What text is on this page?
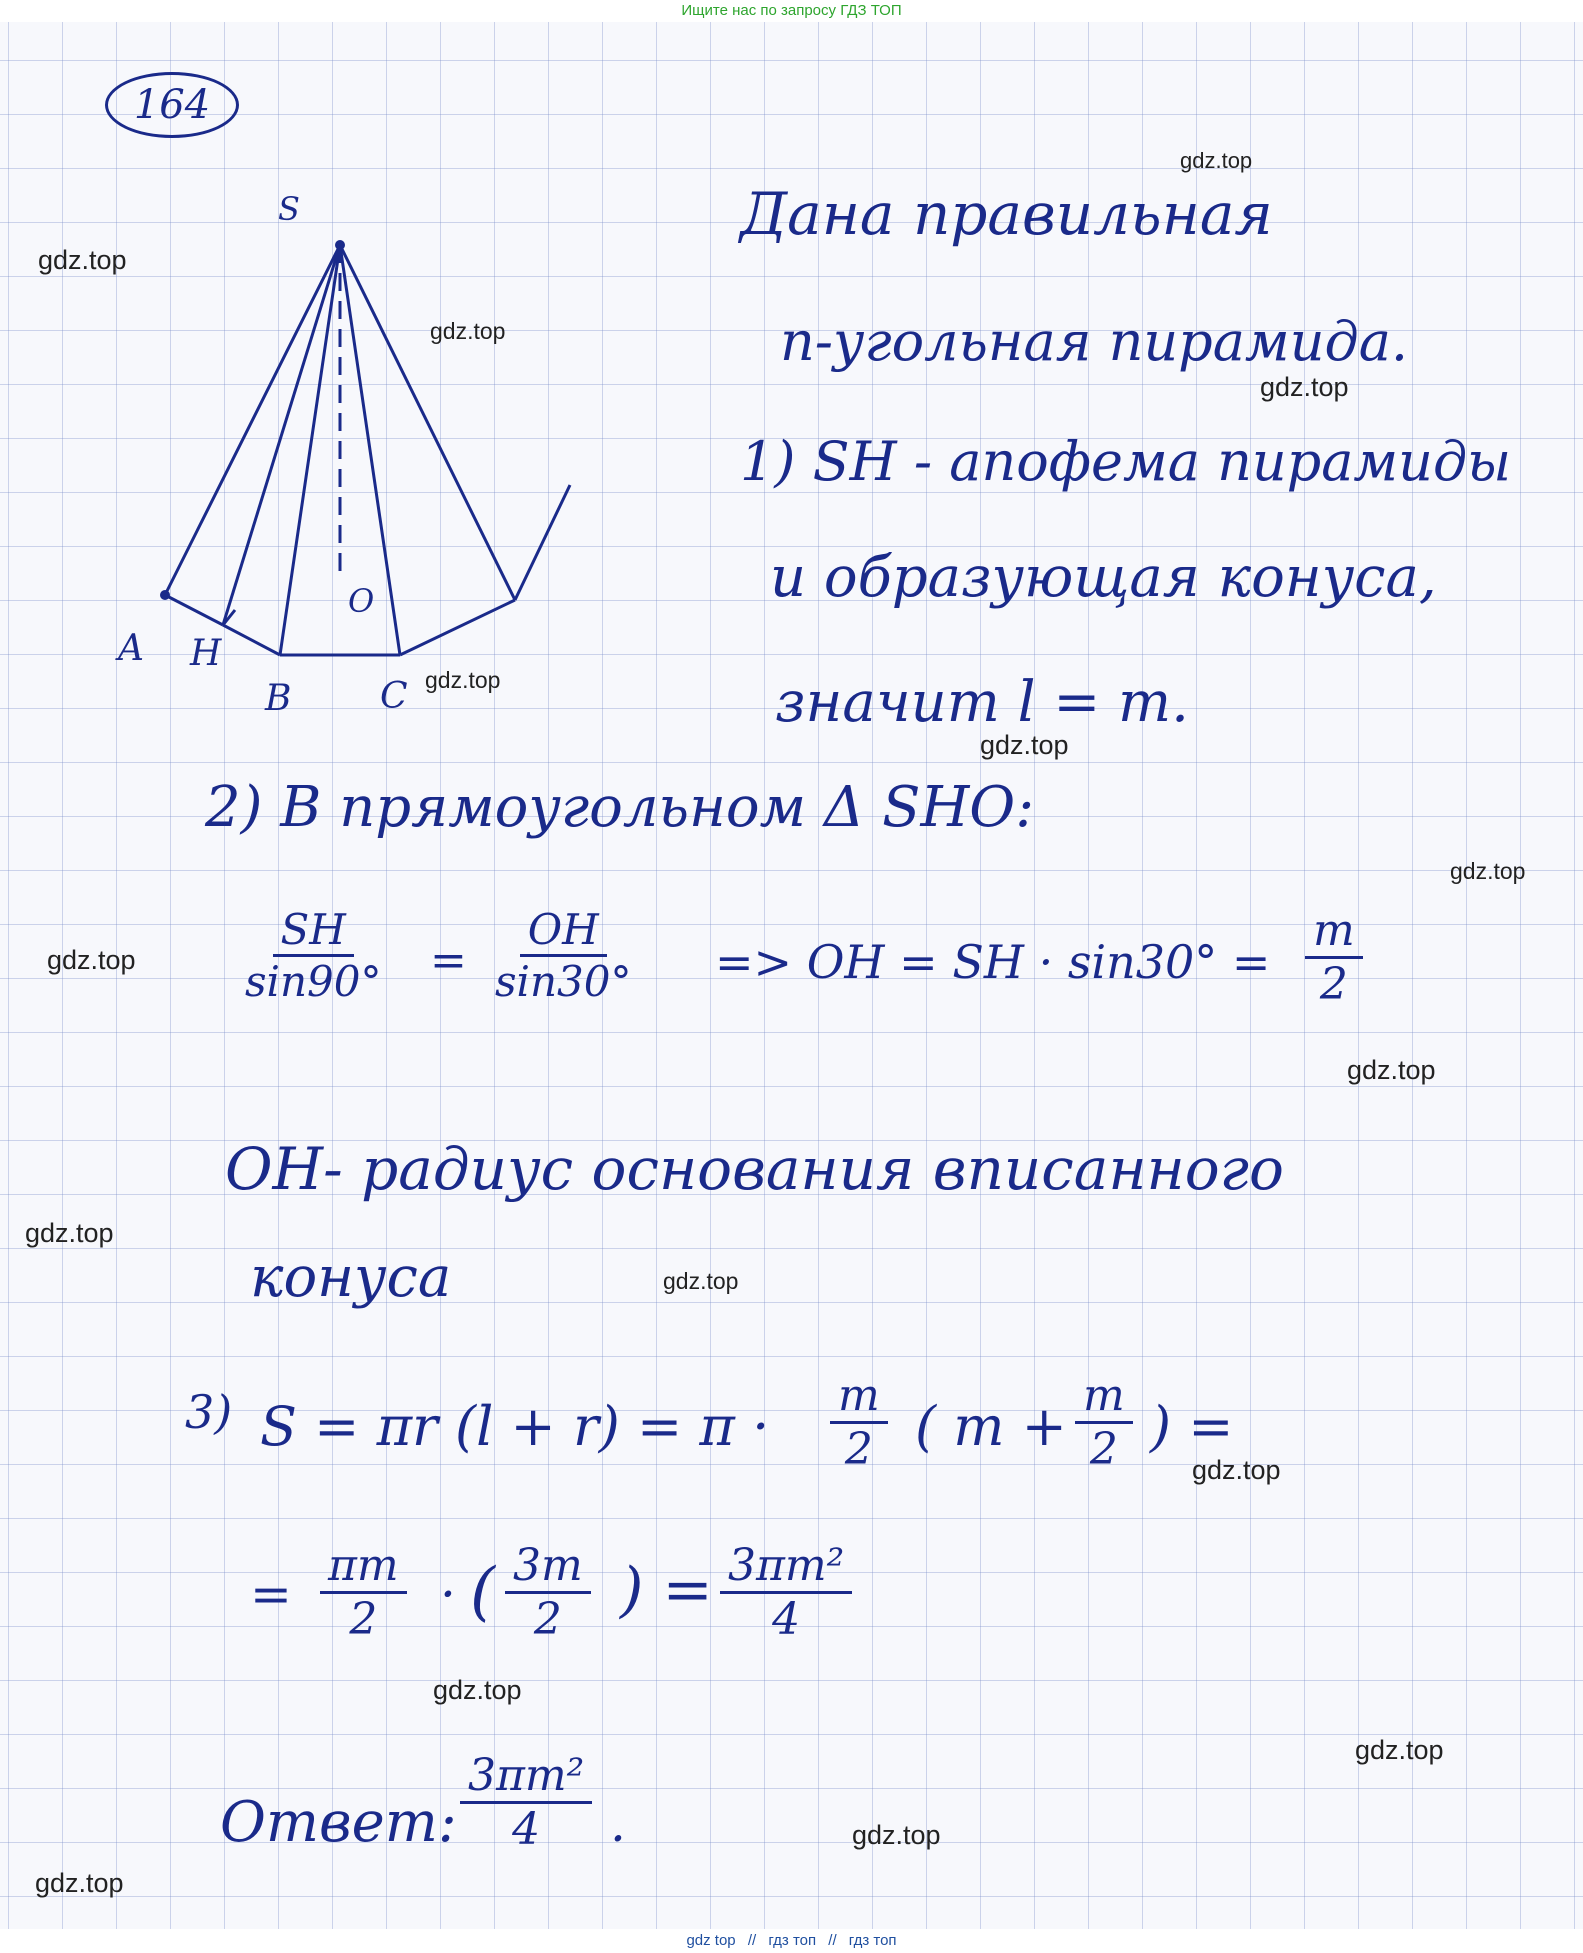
Ищите нас по запросу ГДЗ ТОП
164
S
A H
B C
O
Дана правильная
n-угольная пирамида.
1) SH - апофема пирамиды
и образующая конуса,
значит l = m.
2) В прямоугольном Δ SHO:
$\frac{SH}{\sin 90^\circ} = \frac{OH}{\sin 30^\circ}$ => OH = SH · $\sin 30^\circ = \frac{m}{2}$
OH- радиус основания вписанного
конуса
3) S = πr $(l + r) = \pi \cdot \frac{m}{2}$ ( $m + \frac{m}{2}$ ) =
= $\frac{\pi m}{2}$ · ( $\frac{3m}{2}$ ) = $\frac{\text{3πm²}}{4}$
Ответ: $\frac{\text{3πm²}}{4}$ .
gdz.top
gdz.top
gdz.top
gdz.top
gdz.top
gdz.top
gdz.top
gdz.top
gdz.top
gdz.top
gdz.top
gdz.top
gdz.top
gdz.top
gdz.top
gdz.top
gdz top // гдз топ // гдз топ
